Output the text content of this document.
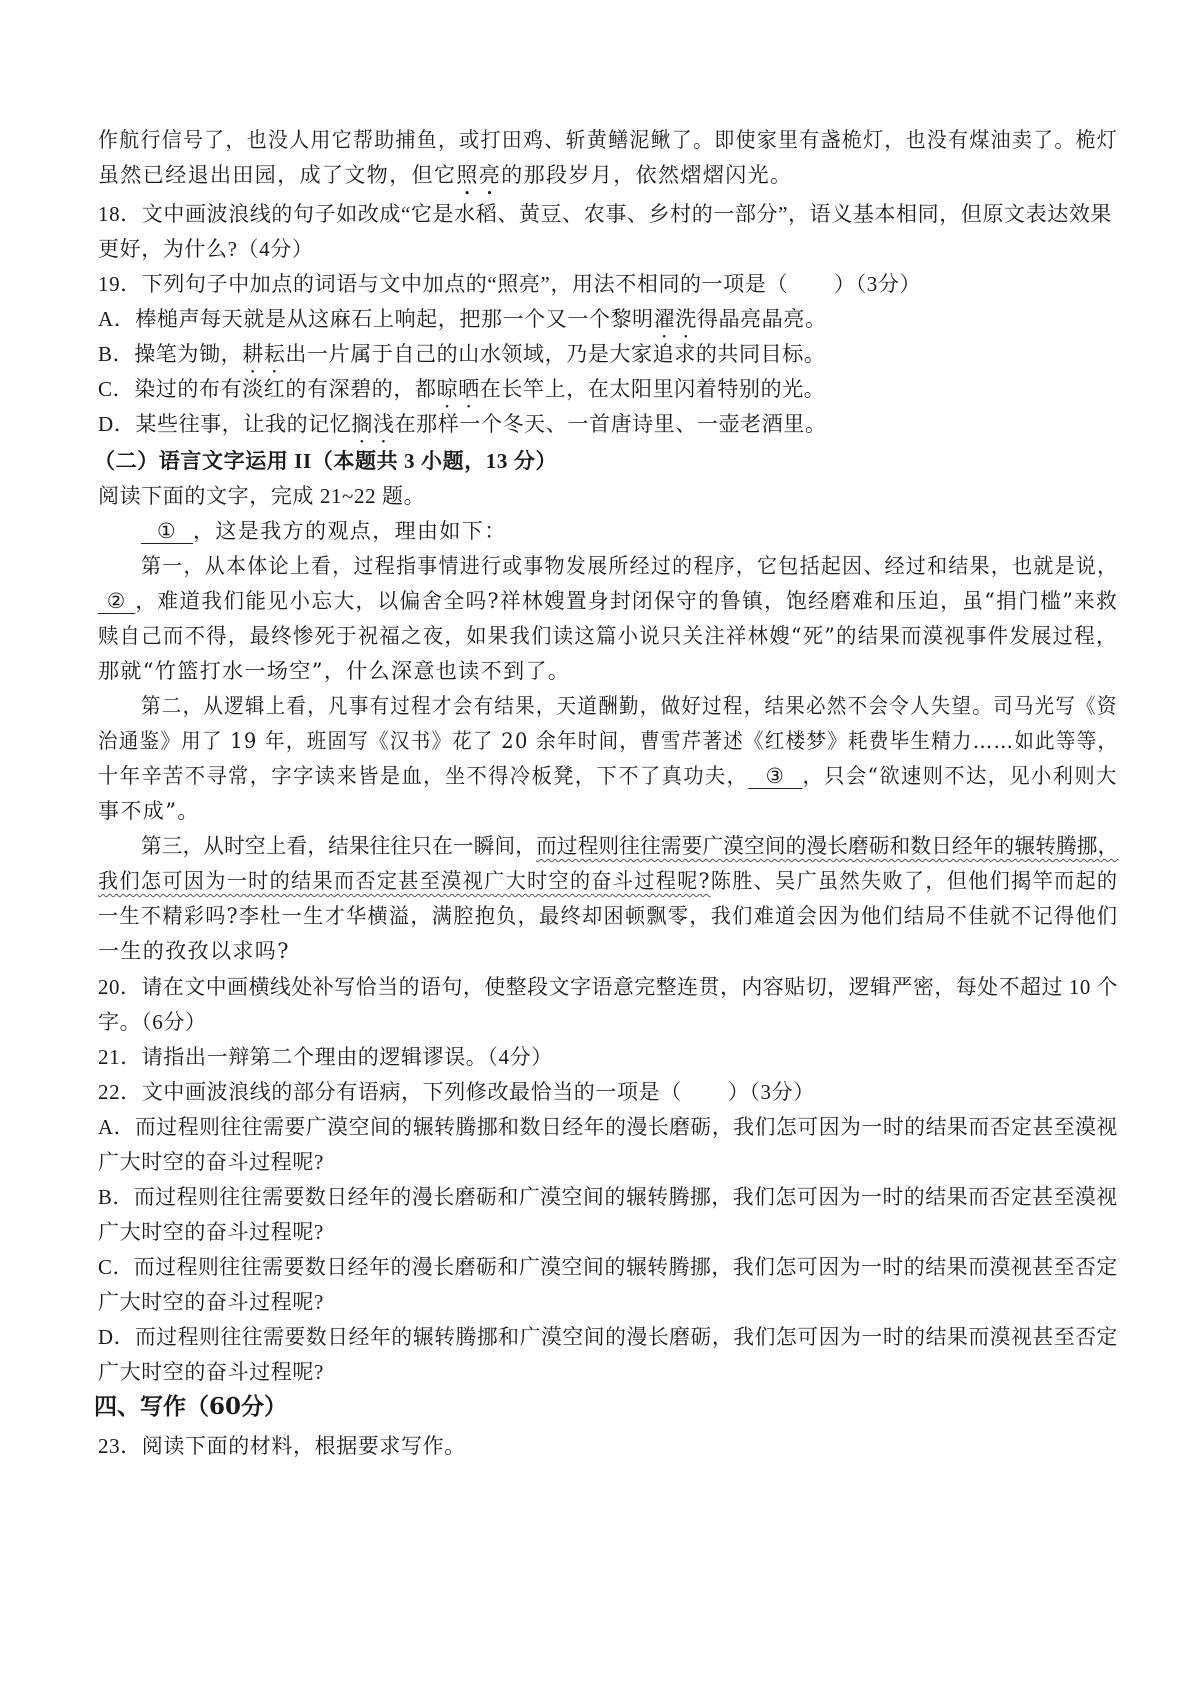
作航行信号了，也没人用它帮助捕鱼，或打田鸡、斩黄鳝泥鳅了。即使家里有盏桅灯，也没有煤油卖了。桅灯
虽然已经退出田园，成了文物，但它照亮的那段岁月，依然熠熠闪光。
18．文中画波浪线的句子如改成“它是水稻、黄豆、农事、乡村的一部分”，语义基本相同，但原文表达效果
更好，为什么?（4分）
19．下列句子中加点的词语与文中加点的“照亮”，用法不相同的一项是（ ）（3分）
A．棒槌声每天就是从这麻石上响起，把那一个又一个黎明濯洗得晶亮晶亮。
B．操笔为锄，耕耘出一片属于自己的山水领域，乃是大家追求的共同目标。
C．染过的布有淡红的有深碧的，都晾晒在长竿上，在太阳里闪着特别的光。
D．某些往事，让我的记忆搁浅在那样一个冬天、一首唐诗里、一壶老酒里。
（二）语言文字运用 II（本题共 3 小题，13 分）
阅读下面的文字，完成 21~22 题。
① ，这是我方的观点，理由如下：
第一，从本体论上看，过程指事情进行或事物发展所经过的程序，它包括起因、经过和结果，也就是说，
② ，难道我们能见小忘大，以偏舍全吗?祥林嫂置身封闭保守的鲁镇，饱经磨难和压迫，虽“捐门槛”来救
赎自己而不得，最终惨死于祝福之夜，如果我们读这篇小说只关注祥林嫂“死”的结果而漠视事件发展过程，
那就“竹篮打水一场空”，什么深意也读不到了。
第二，从逻辑上看，凡事有过程才会有结果，天道酬勤，做好过程，结果必然不会令人失望。司马光写《资
治通鉴》用了 19 年，班固写《汉书》花了 20 余年时间，曹雪芹著述《红楼梦》耗费毕生精力……如此等等，
十年辛苦不寻常，字字读来皆是血，坐不得冷板凳，下不了真功夫， ③ ，只会“欲速则不达，见小利则大
事不成”。
第三，从时空上看，结果往往只在一瞬间，而过程则往往需要广漠空间的漫长磨砺和数日经年的辗转腾挪，
我们怎可因为一时的结果而否定甚至漠视广大时空的奋斗过程呢?陈胜、吴广虽然失败了，但他们揭竿而起的
一生不精彩吗?李杜一生才华横溢，满腔抱负，最终却困顿飘零，我们难道会因为他们结局不佳就不记得他们
一生的孜孜以求吗?
20．请在文中画横线处补写恰当的语句，使整段文字语意完整连贯，内容贴切，逻辑严密，每处不超过 10 个
字。（6分）
21．请指出一辩第二个理由的逻辑谬误。（4分）
22．文中画波浪线的部分有语病，下列修改最恰当的一项是（ ）（3分）
A．而过程则往往需要广漠空间的辗转腾挪和数日经年的漫长磨砺，我们怎可因为一时的结果而否定甚至漠视
广大时空的奋斗过程呢?
B．而过程则往往需要数日经年的漫长磨砺和广漠空间的辗转腾挪，我们怎可因为一时的结果而否定甚至漠视
广大时空的奋斗过程呢?
C．而过程则往往需要数日经年的漫长磨砺和广漠空间的辗转腾挪，我们怎可因为一时的结果而漠视甚至否定
广大时空的奋斗过程呢?
D．而过程则往往需要数日经年的辗转腾挪和广漠空间的漫长磨砺，我们怎可因为一时的结果而漠视甚至否定
广大时空的奋斗过程呢?
四、写作（60分）
23．阅读下面的材料，根据要求写作。
